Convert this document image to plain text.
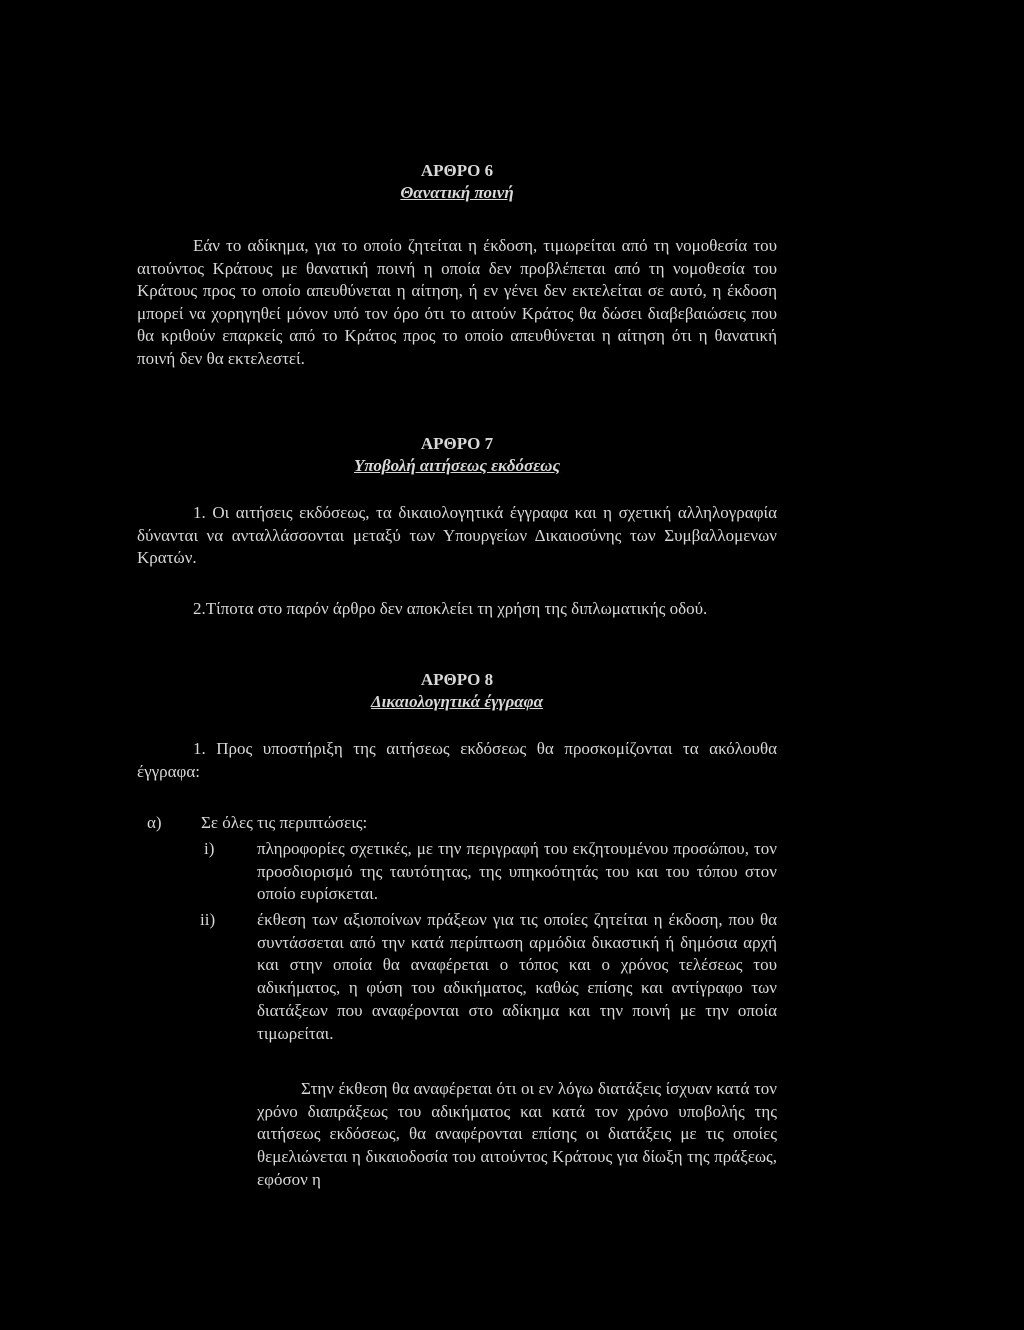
ΑΡΘΡΟ 6
Θανατική ποινή

Εάν το αδίκημα, για το οποίο ζητείται η έκδοση, τιμωρείται από τη νομοθεσία του αιτούντος Κράτους με θανατική ποινή η οποία δεν προβλέπεται από τη νομοθεσία του Κράτους προς το οποίο απευθύνεται η αίτηση, ή εν γένει δεν εκτελείται σε αυτό, η έκδοση μπορεί να χορηγηθεί μόνον υπό τον όρο ότι το αιτούν Κράτος θα δώσει διαβεβαιώσεις που θα κριθούν επαρκείς από το Κράτος προς το οποίο απευθύνεται η αίτηση ότι η θανατική ποινή δεν θα εκτελεστεί.

ΑΡΘΡΟ 7
Υποβολή αιτήσεως εκδόσεως

1. Οι αιτήσεις εκδόσεως, τα δικαιολογητικά έγγραφα και η σχετική αλληλογραφία δύνανται να ανταλλάσσονται μεταξύ των Υπουργείων Δικαιοσύνης των Συμβαλλομενων Κρατών.

2.Τίποτα στο παρόν άρθρο δεν αποκλείει τη χρήση της διπλωματικής οδού.

ΑΡΘΡΟ 8
Δικαιολογητικά έγγραφα

1. Προς υποστήριξη της αιτήσεως εκδόσεως θα προσκομίζονται τα ακόλουθα έγγραφα:

α) Σε όλες τις περιπτώσεις:
i)	πληροφορίες σχετικές, με την περιγραφή του εκζητουμένου προσώπου, τον προσδιορισμό της ταυτότητας, της υπηκοότητάς του και του τόπου στον οποίο ευρίσκεται.

ii) έκθεση των αξιοποίνων πράξεων για τις οποίες ζητείται η έκδοση, που θα συντάσσεται από την κατά περίπτωση αρμόδια δικαστική ή δημόσια αρχή και στην οποία θα αναφέρεται ο τόπος και ο χρόνος τελέσεως του αδικήματος, η φύση του αδικήματος, καθώς επίσης και αντίγραφο των διατάξεων που αναφέρονται στο αδίκημα και την ποινή με την οποία τιμωρείται.

Στην έκθεση θα αναφέρεται ότι οι εν λόγω διατάξεις ίσχυαν κατά τον χρόνο διαπράξεως του αδικήματος και κατά τον χρόνο υποβολής της αιτήσεως εκδόσεως, θα αναφέρονται επίσης οι διατάξεις με τις οποίες θεμελιώνεται η δικαιοδοσία του αιτούντος Κράτους για δίωξη της πράξεως, εφόσον η
